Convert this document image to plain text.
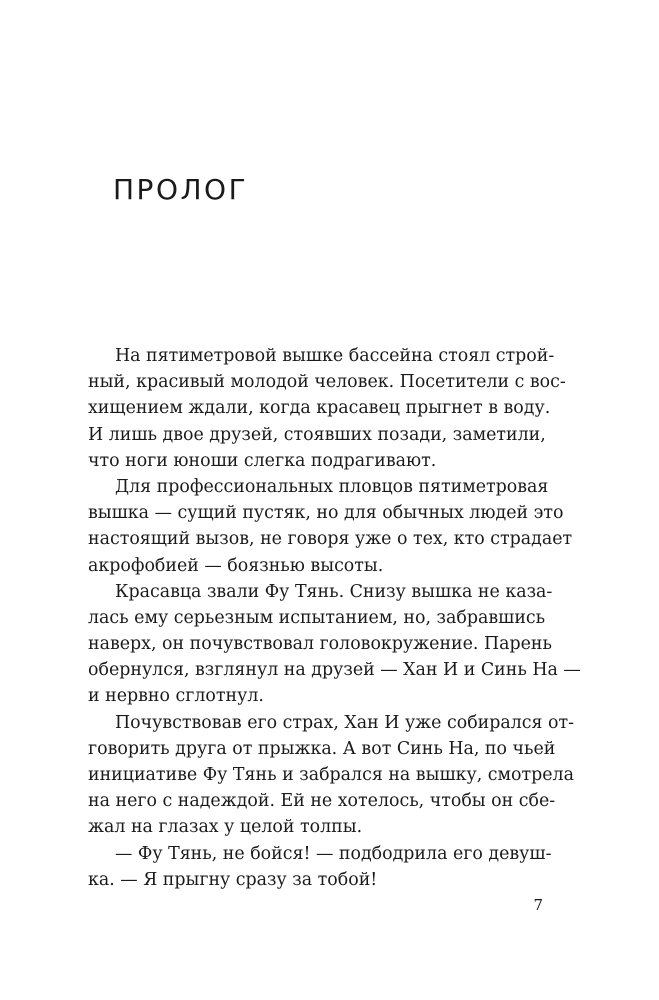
ПРОЛОГ
На пятиметровой вышке бассейна стоял строй-
ный, красивый молодой человек. Посетители с вос-
хищением ждали, когда красавец прыгнет в воду.
И лишь двое друзей, стоявших позади, заметили,
что ноги юноши слегка подрагивают.
Для профессиональных пловцов пятиметровая
вышка — сущий пустяк, но для обычных людей это
настоящий вызов, не говоря уже о тех, кто страдает
акрофобией — боязнью высоты.
Красавца звали Фу Тянь. Снизу вышка не каза-
лась ему серьезным испытанием, но, забравшись
наверх, он почувствовал головокружение. Парень
обернулся, взглянул на друзей — Хан И и Синь На —
и нервно сглотнул.
Почувствовав его страх, Хан И уже собирался от-
говорить друга от прыжка. А вот Синь На, по чьей
инициативе Фу Тянь и забрался на вышку, смотрела
на него с надеждой. Ей не хотелось, чтобы он сбе-
жал на глазах у целой толпы.
— Фу Тянь, не бойся! — подбодрила его девуш-
ка. — Я прыгну сразу за тобой!
7
